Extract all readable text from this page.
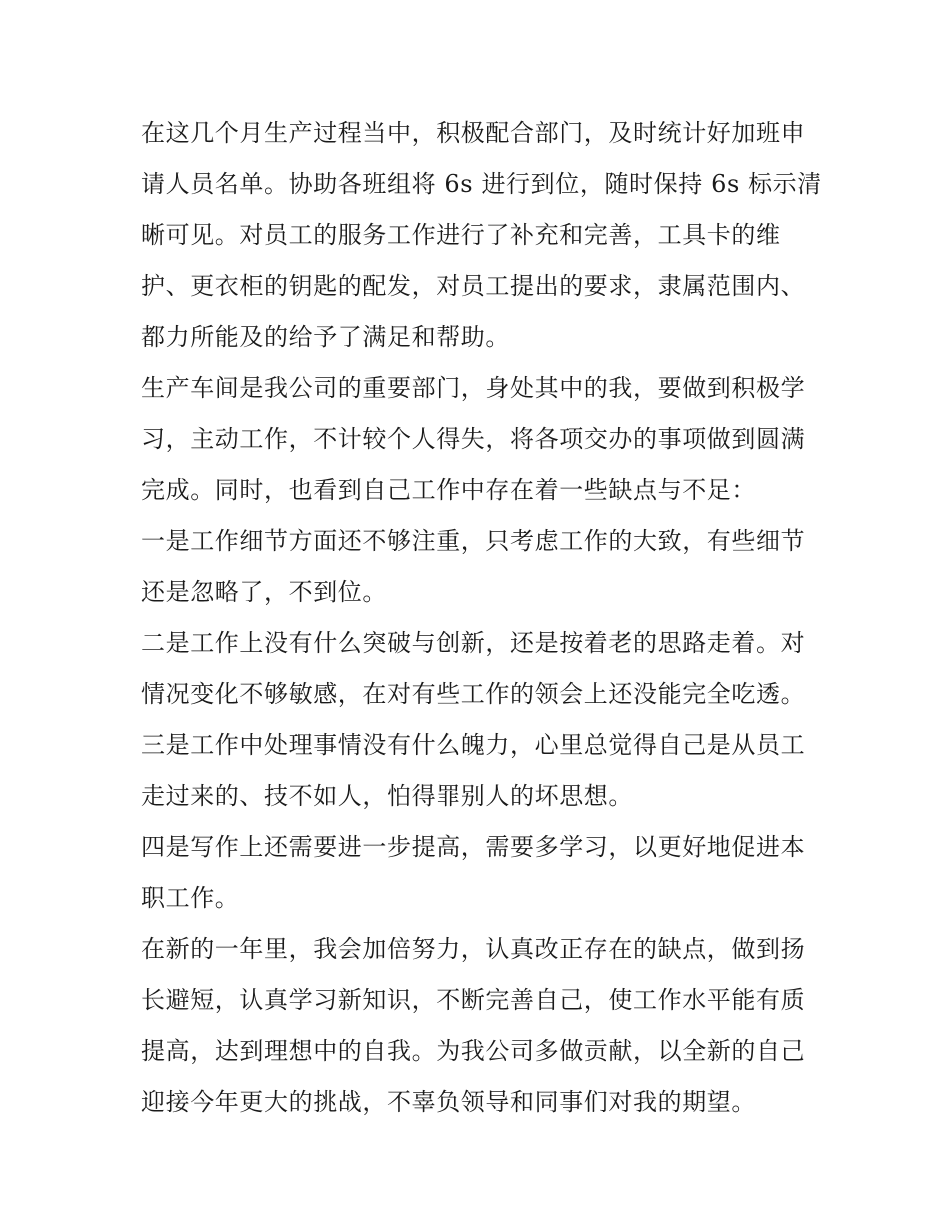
在这几个月生产过程当中，积极配合部门，及时统计好加班申
请人员名单。协助各班组将 6s 进行到位，随时保持 6s 标示清
晰可见。对员工的服务工作进行了补充和完善，工具卡的维
护、更衣柜的钥匙的配发，对员工提出的要求，隶属范围内、
都力所能及的给予了满足和帮助。
生产车间是我公司的重要部门，身处其中的我，要做到积极学
习，主动工作，不计较个人得失，将各项交办的事项做到圆满
完成。同时，也看到自己工作中存在着一些缺点与不足：
一是工作细节方面还不够注重，只考虑工作的大致，有些细节
还是忽略了，不到位。
二是工作上没有什么突破与创新，还是按着老的思路走着。对
情况变化不够敏感，在对有些工作的领会上还没能完全吃透。
三是工作中处理事情没有什么魄力，心里总觉得自己是从员工
走过来的、技不如人，怕得罪别人的坏思想。
四是写作上还需要进一步提高，需要多学习，以更好地促进本
职工作。
在新的一年里，我会加倍努力，认真改正存在的缺点，做到扬
长避短，认真学习新知识，不断完善自己，使工作水平能有质
提高，达到理想中的自我。为我公司多做贡献，以全新的自己
迎接今年更大的挑战，不辜负领导和同事们对我的期望。
